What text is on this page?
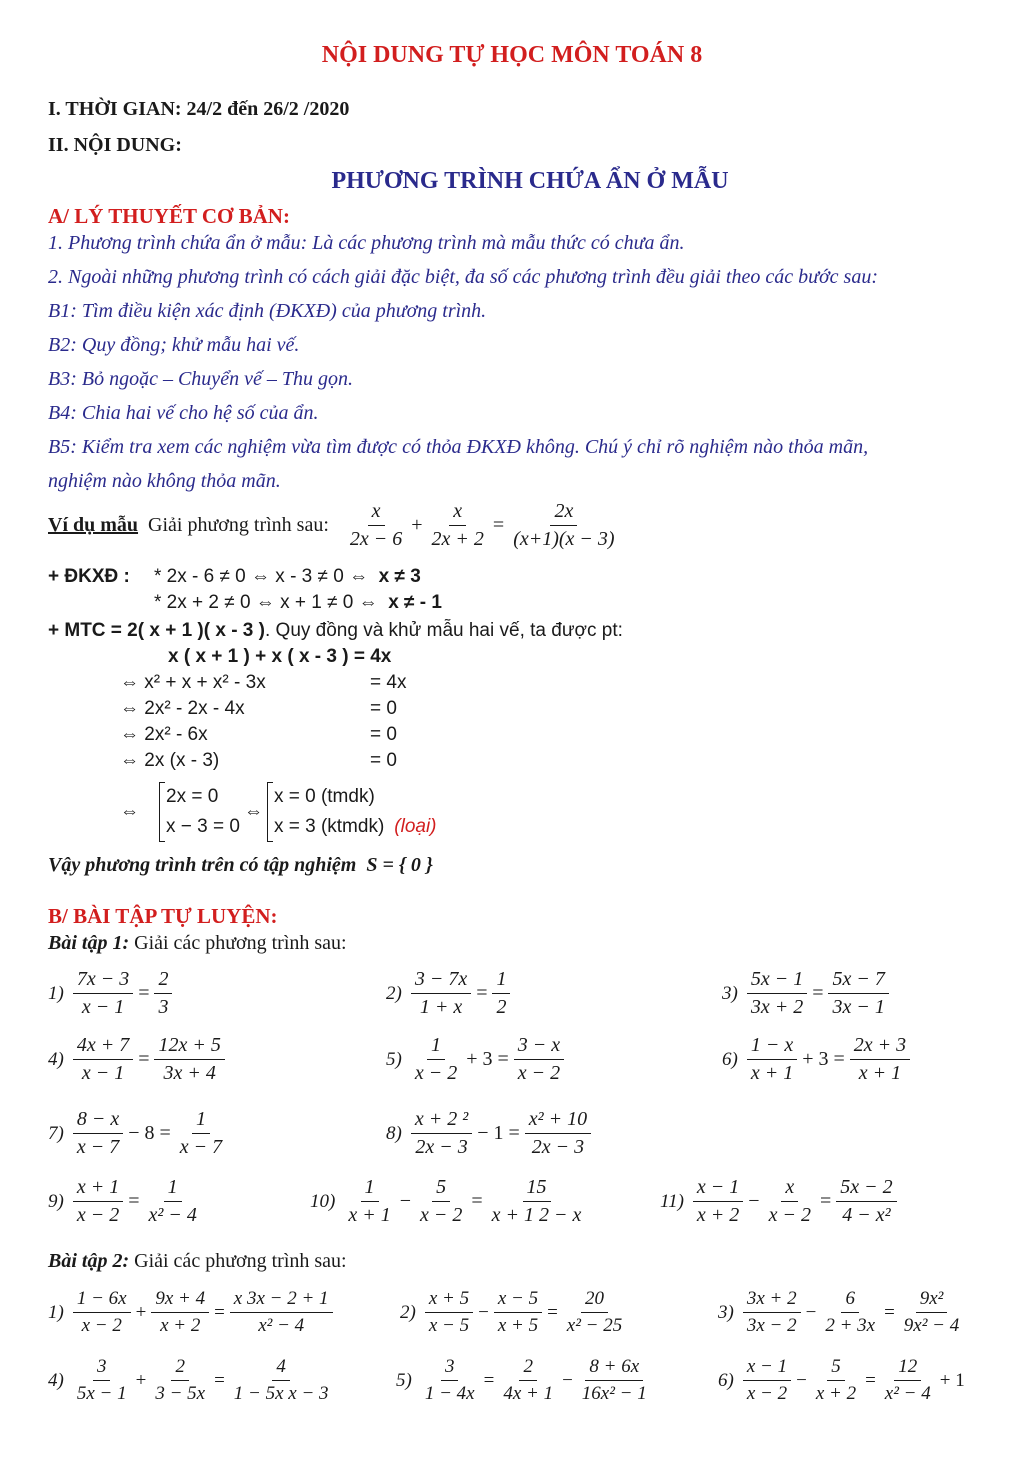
NỘI DUNG TỰ HỌC MÔN TOÁN 8
I. THỜI GIAN: 24/2 đến 26/2 /2020
II. NỘI DUNG:
PHƯƠNG TRÌNH CHỨA ẨN Ở MẪU
A/ LÝ THUYẾT CƠ BẢN:
1. Phương trình chứa ẩn ở mẫu: Là các phương trình mà mẫu thức có chưa ẩn.
2. Ngoài những phương trình có cách giải đặc biệt, đa số các phương trình đều giải theo các bước sau:
B1: Tìm điều kiện xác định (ĐKXĐ) của phương trình.
B2: Quy đồng; khử mẫu hai vế.
B3: Bỏ ngoặc – Chuyển vế – Thu gọn.
B4: Chia hai vế cho hệ số của ẩn.
B5: Kiểm tra xem các nghiệm vừa tìm được có thỏa ĐKXĐ không. Chú ý chỉ rõ nghiệm nào thỏa mãn,
nghiệm nào không thỏa mãn.
Ví dụ mẫu Giải phương trình sau: $\frac{x}{2x - 6} + \frac{x}{2x + 2} = \frac{2x}{(x+1)(x - 3)}$
+ ĐKXĐ : * 2x - 6 ≠ 0 ⇔ x - 3 ≠ 0 ⇔ x ≠ 3
* 2x + 2 ≠ 0 ⇔ x + 1 ≠ 0 ⇔ x ≠ - 1
+ MTC = 2( x + 1 )( x - 3 ). Quy đồng và khử mẫu hai vế, ta được pt:
x ( x + 1 ) + x ( x - 3 ) = 4x
⇔ x² + x + x² - 3x	= 4x
⇔ 2x² - 2x - 4x	= 0
⇔ 2x² - 6x	= 0
⇔ 2x (x - 3)	= 0
⇔
2x = 0
x − 3 = 0
⇔
x = 0 (tmdk)
x = 3 (ktmdk) (loại)
Vậy phương trình trên có tập nghiệm S = { 0 }
B/ BÀI TẬP TỰ LUYỆN:
Bài tập 1: Giải các phương trình sau:
$1) \frac{7x - 3}{x - 1} = \frac{2}{3}$	$2) \frac{3 - 7x}{1 + x} = \frac{1}{2}$	$3) \frac{5x - 1}{3x + 2} = \frac{5x - 7}{3x - 1}$
$4) \frac{4x + 7}{x - 1} = \frac{12x + 5}{3x + 4}$	$5) \frac{1}{x - 2} + 3 = \frac{3 - x}{x - 2}$	$6) \frac{1 - x}{x + 1} + 3 = \frac{2x + 3}{x + 1}$
$7) \frac{8 - x}{x - 7} - 8 = \frac{1}{x - 7}$	$8) \frac{\text{x + 2 ²}}{2x - 3} - 1 = \frac{\text{x² + 10}}{2x - 3}$
$9) \frac{x + 1}{x - 2} = \frac{1}{\text{x² − 4}}$	$10) \frac{1}{x + 1} - \frac{5}{x - 2} = \frac{15}{x + 1 2 - x}$	$11) \frac{x - 1}{x + 2} - \frac{x}{x - 2} = \frac{5x - 2}{\text{4 − x²}}$
Bài tập 2: Giải các phương trình sau:
$1) \frac{1 - 6x}{x - 2} + \frac{9x + 4}{x + 2} = \frac{x 3x - 2 + 1}{\text{x² − 4}}$	$2) \frac{x + 5}{x - 5} - \frac{x - 5}{x + 5} = \frac{20}{\text{x² − 25}}$	$3) \frac{3x + 2}{3x - 2} - \frac{6}{2 + 3x} = \frac{\text{9x²}}{\text{9x² − 4}}$
$4) \frac{3}{5x - 1} + \frac{2}{3 - 5x} = \frac{4}{\text{1 − 5x x − 3}}$	$5) \frac{3}{1 - 4x} = \frac{2}{4x + 1} - \frac{8 + 6x}{\text{16x² − 1}}$	$6) \frac{x - 1}{x - 2} - \frac{5}{x + 2} = \frac{12}{\text{x² − 4}} + 1$
